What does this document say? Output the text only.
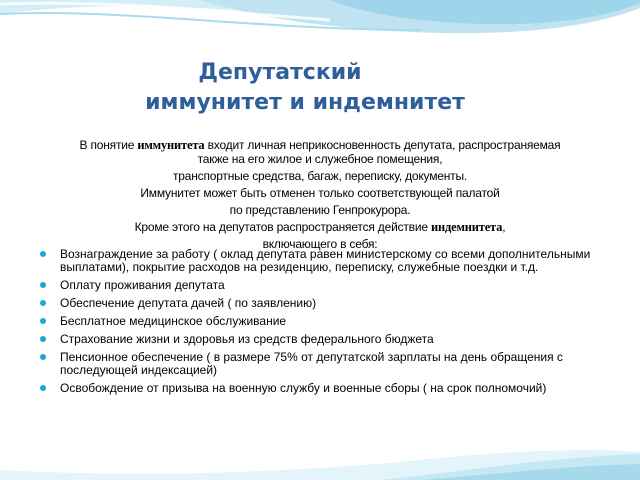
Депутатский
иммунитет и индемнитет

В понятие иммунитета входит личная неприкосновенность депутата, распространяемая

также на его жилое и служебное помещения,

транспортные средства, багаж, переписку, документы.

Иммунитет может быть отменен только соответствующей палатой

по представлению Генпрокурора.

Кроме этого на депутатов распространяется действие индемнитета,

включающего в себя:

Вознаграждение за работу ( оклад депутата равен министерскому со всеми дополнительными выплатами), покрытие расходов на резиденцию, переписку, служебные поездки и т.д.
Оплату проживания депутата
Обеспечение депутата дачей ( по заявлению)
Бесплатное медицинское обслуживание
Страхование жизни и здоровья из средств федерального бюджета
Пенсионное обеспечение ( в размере 75% от депутатской зарплаты на день обращения с последующей индексацией)
Освобождение от призыва на военную службу и военные сборы ( на срок полномочий)
